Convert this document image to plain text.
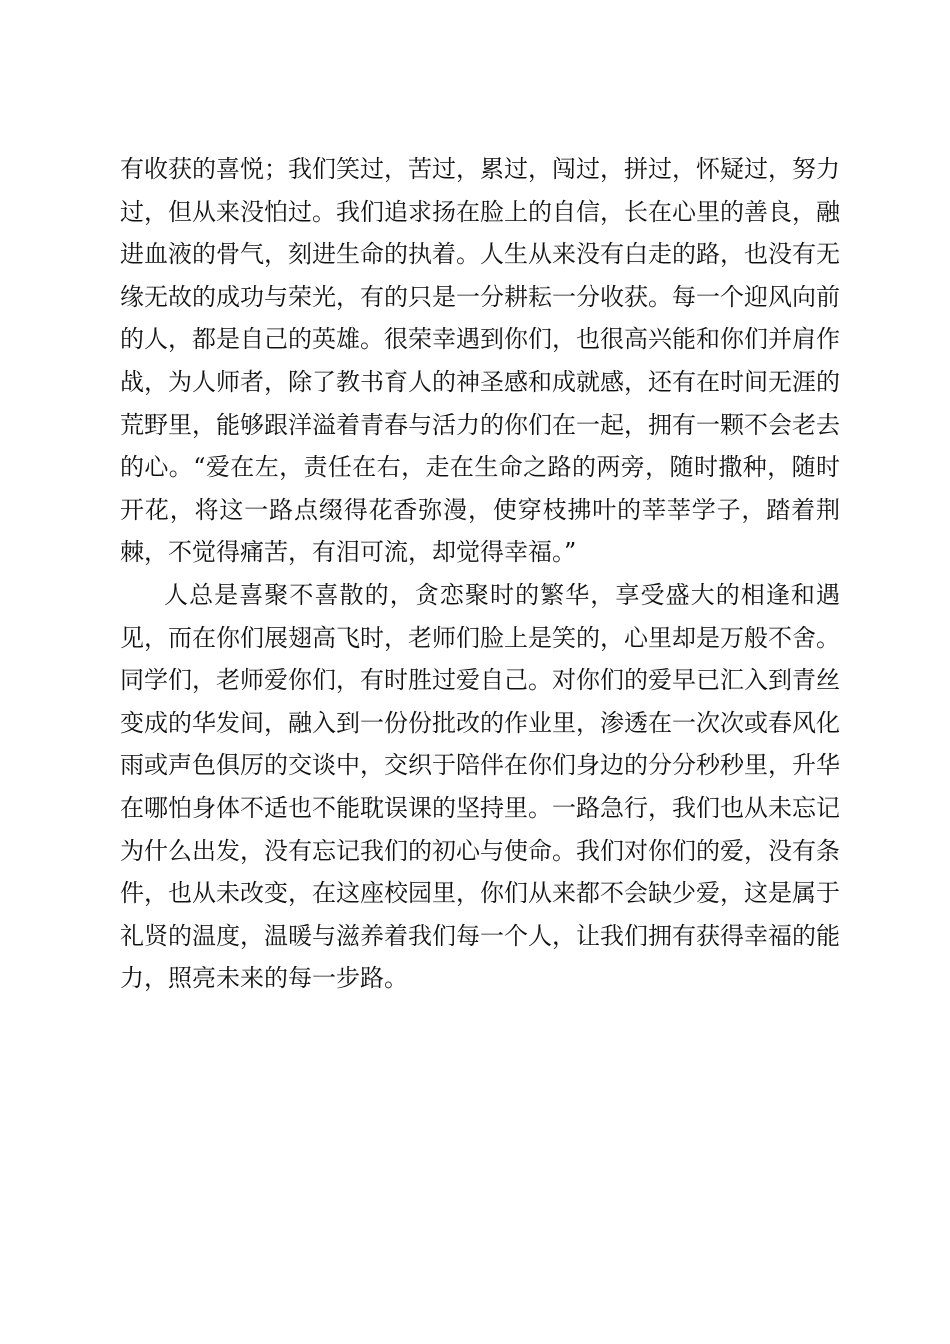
有收获的喜悦；我们笑过，苦过，累过，闯过，拼过，怀疑过，努力过，但从来没怕过。我们追求扬在脸上的自信，长在心里的善良，融进血液的骨气，刻进生命的执着。人生从来没有白走的路，也没有无缘无故的成功与荣光，有的只是一分耕耘一分收获。每一个迎风向前的人，都是自己的英雄。很荣幸遇到你们，也很高兴能和你们并肩作战，为人师者，除了教书育人的神圣感和成就感，还有在时间无涯的荒野里，能够跟洋溢着青春与活力的你们在一起，拥有一颗不会老去的心。“爱在左，责任在右，走在生命之路的两旁，随时撒种，随时开花，将这一路点缀得花香弥漫，使穿枝拂叶的莘莘学子，踏着荆棘，不觉得痛苦，有泪可流，却觉得幸福。”

人总是喜聚不喜散的，贪恋聚时的繁华，享受盛大的相逢和遇见，而在你们展翅高飞时，老师们脸上是笑的，心里却是万般不舍。同学们，老师爱你们，有时胜过爱自己。对你们的爱早已汇入到青丝变成的华发间，融入到一份份批改的作业里，渗透在一次次或春风化雨或声色俱厉的交谈中，交织于陪伴在你们身边的分分秒秒里，升华在哪怕身体不适也不能耽误课的坚持里。一路急行，我们也从未忘记为什么出发，没有忘记我们的初心与使命。我们对你们的爱，没有条件，也从未改变，在这座校园里，你们从来都不会缺少爱，这是属于礼贤的温度，温暖与滋养着我们每一个人，让我们拥有获得幸福的能力，照亮未来的每一步路。
